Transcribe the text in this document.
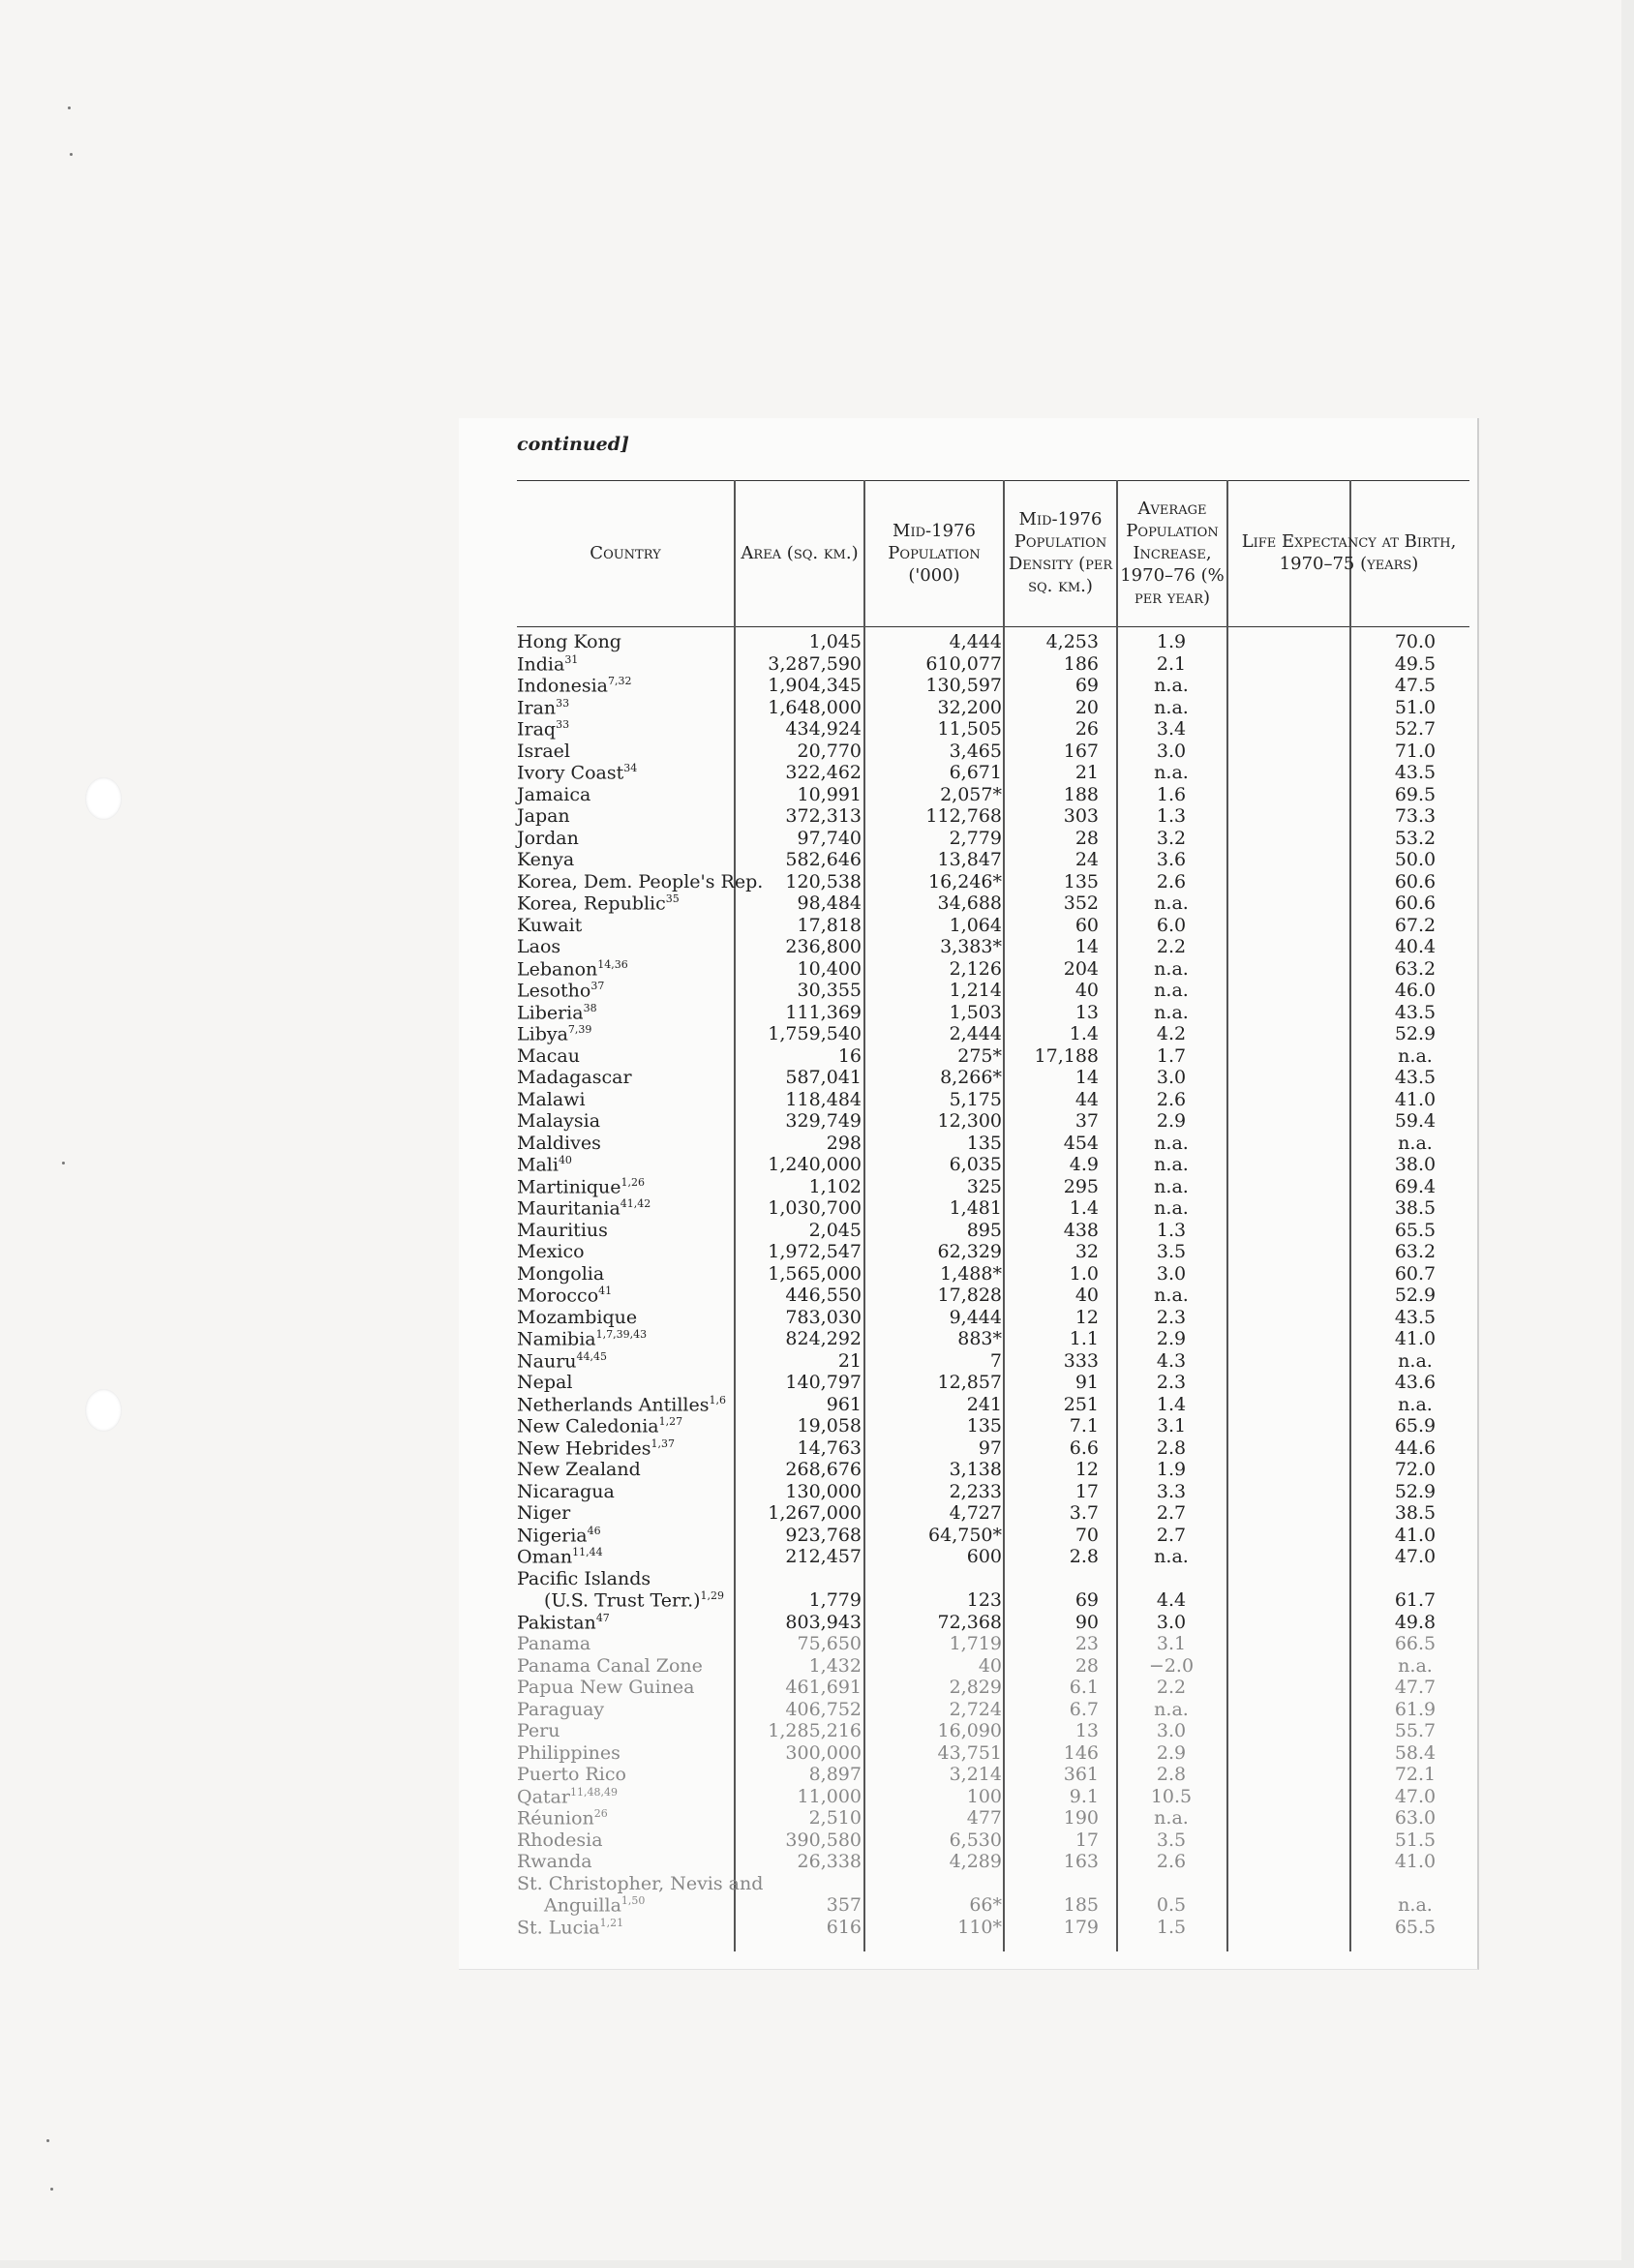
continued]
Country	Area (sq. km.)
Mid-1976 Population ('000)
Mid-1976 Population Density (per sq. km.)
Average Population Increase, 1970–76 (% per year)
Life Expectancy at Birth, 1970–75 (years)
Hong Kong	1,045	4,444	4,253	1.9	70.0
India$^{31}$	3,287,590	610,077	186	2.1	49.5
Indonesia$^{7,32}$	1,904,345	130,597	69	n.a.	47.5
Iran$^{33}$	1,648,000	32,200	20	n.a.	51.0
Iraq$^{33}$	434,924	11,505	26	3.4	52.7
Israel	20,770	3,465	167	3.0	71.0
Ivory Coast$^{34}$	322,462	6,671	21	n.a.	43.5
Jamaica	10,991	2,057*	188	1.6	69.5
Japan	372,313	112,768	303	1.3	73.3
Jordan	97,740	2,779	28	3.2	53.2
Kenya	582,646	13,847	24	3.6	50.0
Korea, Dem. People's Rep.	120,538	16,246*	135	2.6	60.6
Korea, Republic$^{35}$	98,484	34,688	352	n.a.	60.6
Kuwait	17,818	1,064	60	6.0	67.2
Laos	236,800	3,383*	14	2.2	40.4
Lebanon$^{14,36}$	10,400	2,126	204	n.a.	63.2
Lesotho$^{37}$	30,355	1,214	40	n.a.	46.0
Liberia$^{38}$	111,369	1,503	13	n.a.	43.5
Libya$^{7,39}$	1,759,540	2,444	1.4	4.2	52.9
Macau	16	275*	17,188	1.7	n.a.
Madagascar	587,041	8,266*	14	3.0	43.5
Malawi	118,484	5,175	44	2.6	41.0
Malaysia	329,749	12,300	37	2.9	59.4
Maldives	298	135	454	n.a.	n.a.
Mali$^{40}$	1,240,000	6,035	4.9	n.a.	38.0
Martinique$^{1,26}$	1,102	325	295	n.a.	69.4
Mauritania$^{41,42}$	1,030,700	1,481	1.4	n.a.	38.5
Mauritius	2,045	895	438	1.3	65.5
Mexico	1,972,547	62,329	32	3.5	63.2
Mongolia	1,565,000	1,488*	1.0	3.0	60.7
Morocco$^{41}$	446,550	17,828	40	n.a.	52.9
Mozambique	783,030	9,444	12	2.3	43.5
Namibia$^{1,7,39,43}$	824,292	883*	1.1	2.9	41.0
Nauru$^{44,45}$	21	7	333	4.3	n.a.
Nepal	140,797	12,857	91	2.3	43.6
Netherlands Antilles$^{1,6}$	961	241	251	1.4	n.a.
New Caledonia$^{1,27}$	19,058	135	7.1	3.1	65.9
New Hebrides$^{1,37}$	14,763	97	6.6	2.8	44.6
New Zealand	268,676	3,138	12	1.9	72.0
Nicaragua	130,000	2,233	17	3.3	52.9
Niger	1,267,000	4,727	3.7	2.7	38.5
Nigeria$^{46}$	923,768	64,750*	70	2.7	41.0
Oman$^{11,44}$	212,457	600	2.8	n.a.	47.0
Pacific Islands
(U.S. Trust Terr.)$^{1,29}$	1,779	123	69	4.4	61.7
Pakistan$^{47}$	803,943	72,368	90	3.0	49.8
Panama	75,650	1,719	23	3.1	66.5
Panama Canal Zone	1,432	40	28	−2.0	n.a.
Papua New Guinea	461,691	2,829	6.1	2.2	47.7
Paraguay	406,752	2,724	6.7	n.a.	61.9
Peru	1,285,216	16,090	13	3.0	55.7
Philippines	300,000	43,751	146	2.9	58.4
Puerto Rico	8,897	3,214	361	2.8	72.1
Qatar$^{11,48,49}$	11,000	100	9.1	10.5	47.0
Réunion$^{26}$	2,510	477	190	n.a.	63.0
Rhodesia	390,580	6,530	17	3.5	51.5
Rwanda	26,338	4,289	163	2.6	41.0
St. Christopher, Nevis and
Anguilla$^{1,50}$	357	66*	185	0.5	n.a.
St. Lucia$^{1,21}$	616	110*	179	1.5	65.5
